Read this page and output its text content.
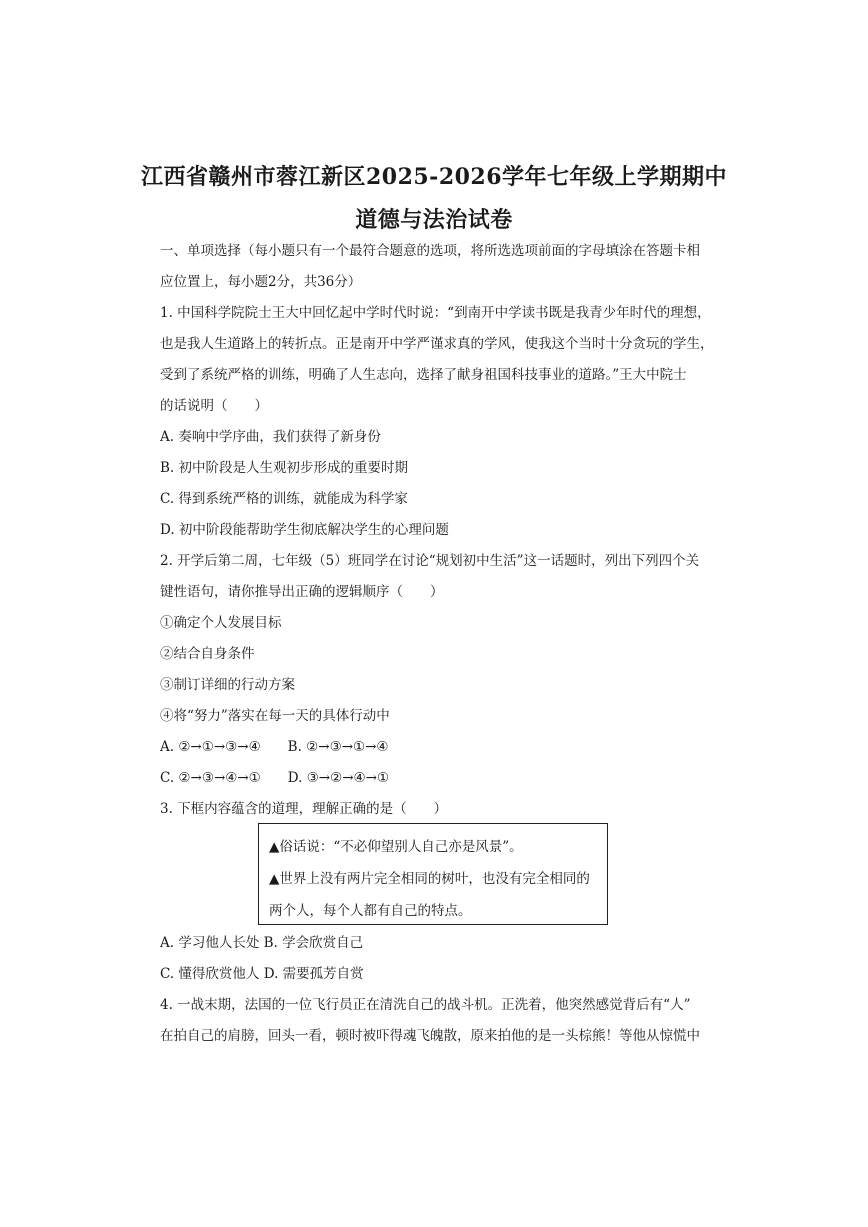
江西省赣州市蓉江新区2025-2026学年七年级上学期期中
道德与法治试卷
一、单项选择（每小题只有一个最符合题意的选项，将所选选项前面的字母填涂在答题卡相
应位置上，每小题2分，共36分）
1. 中国科学院院士王大中回忆起中学时代时说：“到南开中学读书既是我青少年时代的理想，
也是我人生道路上的转折点。正是南开中学严谨求真的学风，使我这个当时十分贪玩的学生，
受到了系统严格的训练，明确了人生志向，选择了献身祖国科技事业的道路。”王大中院士
的话说明（　　）
A. 奏响中学序曲，我们获得了新身份
B. 初中阶段是人生观初步形成的重要时期
C. 得到系统严格的训练，就能成为科学家
D. 初中阶段能帮助学生彻底解决学生的心理问题
2. 开学后第二周，七年级（5）班同学在讨论“规划初中生活”这一话题时，列出下列四个关
键性语句，请你推导出正确的逻辑顺序（　　）
①确定个人发展目标
②结合自身条件
③制订详细的行动方案
④将“努力”落实在每一天的具体行动中
A. ②→①→③→④　　B. ②→③→①→④
C. ②→③→④→①　　D. ③→②→④→①
3. 下框内容蕴含的道理，理解正确的是（　　）
▲俗话说：“不必仰望别人自己亦是风景”。
▲世界上没有两片完全相同的树叶，也没有完全相同的
两个人，每个人都有自己的特点。
A. 学习他人长处 B. 学会欣赏自己
C. 懂得欣赏他人 D. 需要孤芳自赏
4. 一战末期，法国的一位飞行员正在清洗自己的战斗机。正洗着，他突然感觉背后有“人”
在拍自己的肩膀，回头一看，顿时被吓得魂飞魄散，原来拍他的是一头棕熊！等他从惊慌中
